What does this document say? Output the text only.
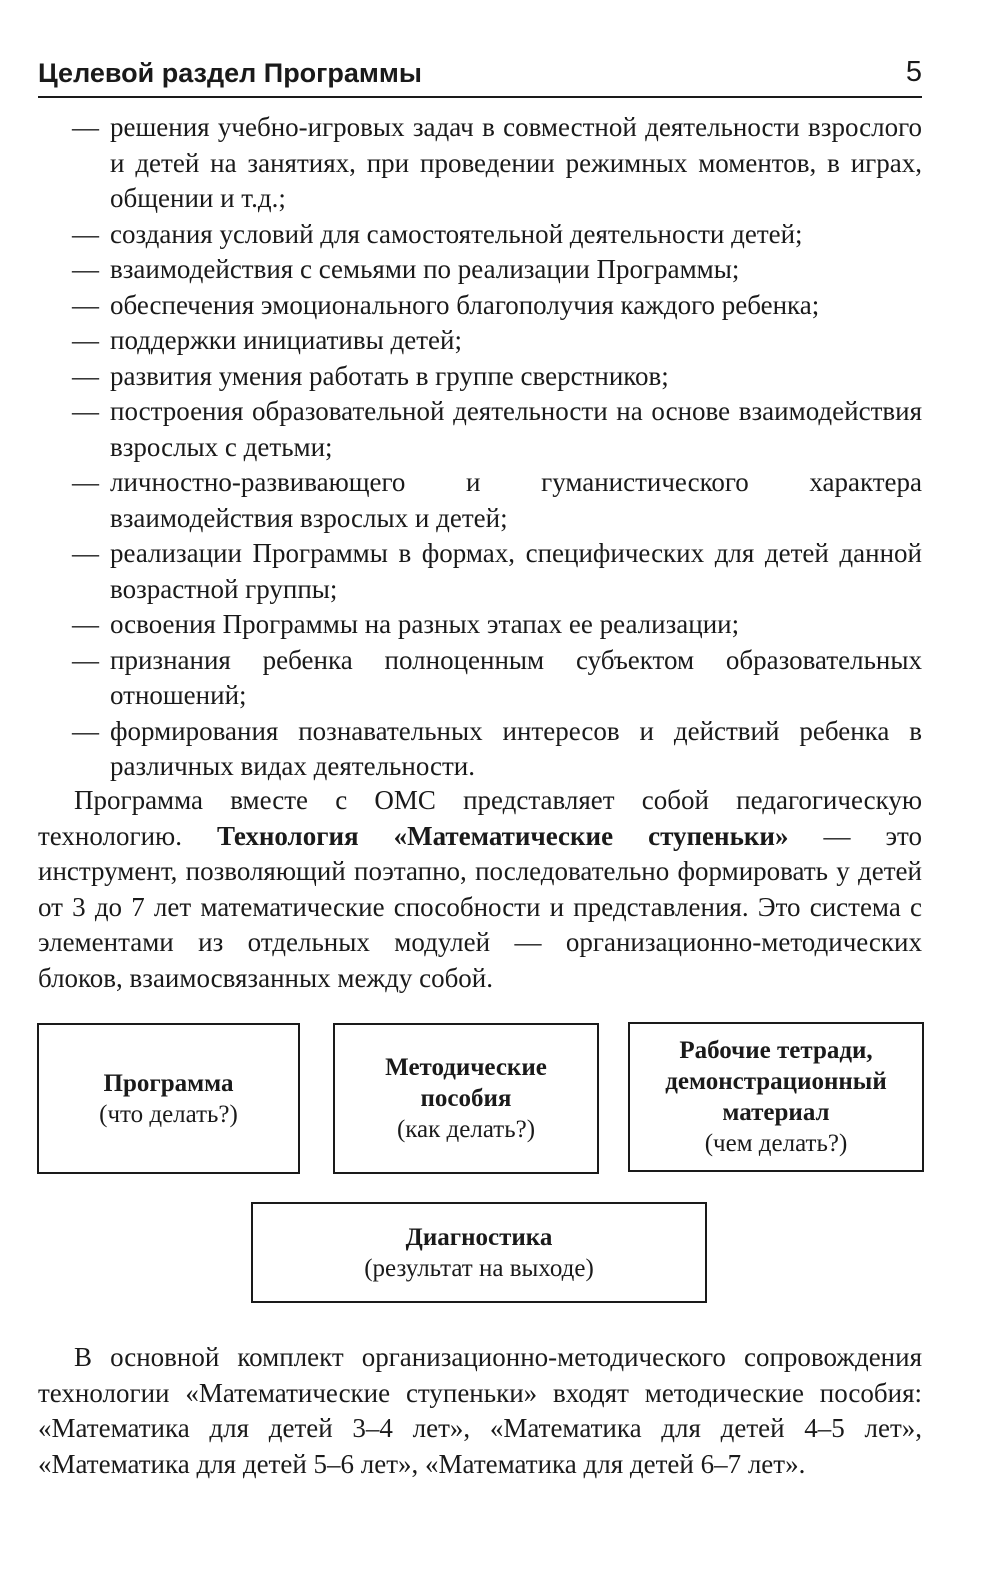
Целевой раздел Программы	5
— решения учебно-игровых задач в совместной деятельности взрослого и детей на занятиях, при проведении режимных моментов, в играх, общении и т.д.;
— создания условий для самостоятельной деятельности детей;
— взаимодействия с семьями по реализации Программы;
— обеспечения эмоционального благополучия каждого ребенка;
— поддержки инициативы детей;
— развития умения работать в группе сверстников;
— построения образовательной деятельности на основе взаимодействия взрослых с детьми;
— личностно-развивающего и гуманистического характера взаимодействия взрослых и детей;
— реализации Программы в формах, специфических для детей данной возрастной группы;
— освоения Программы на разных этапах ее реализации;
— признания ребенка полноценным субъектом образовательных отношений;
— формирования познавательных интересов и действий ребенка в различных видах деятельности.

Программа вместе с ОМС представляет собой педагогическую технологию. Технология «Математические ступеньки» — это инструмент, позволяющий поэтапно, последовательно формировать у детей от 3 до 7 лет математические способности и представления. Это система с элементами из отдельных модулей — организационно-методических блоков, взаимосвязанных между собой.

Программа
(что делать?)
Методические
пособия
(как делать?)
Рабочие тетради,
демонстрационный
материал
(чем делать?)
Диагностика
(результат на выходе)

В основной комплект организационно-методического сопровождения технологии «Математические ступеньки» входят методические пособия: «Математика для детей 3–4 лет», «Математика для детей 4–5 лет», «Математика для детей 5–6 лет», «Математика для детей 6–7 лет».
